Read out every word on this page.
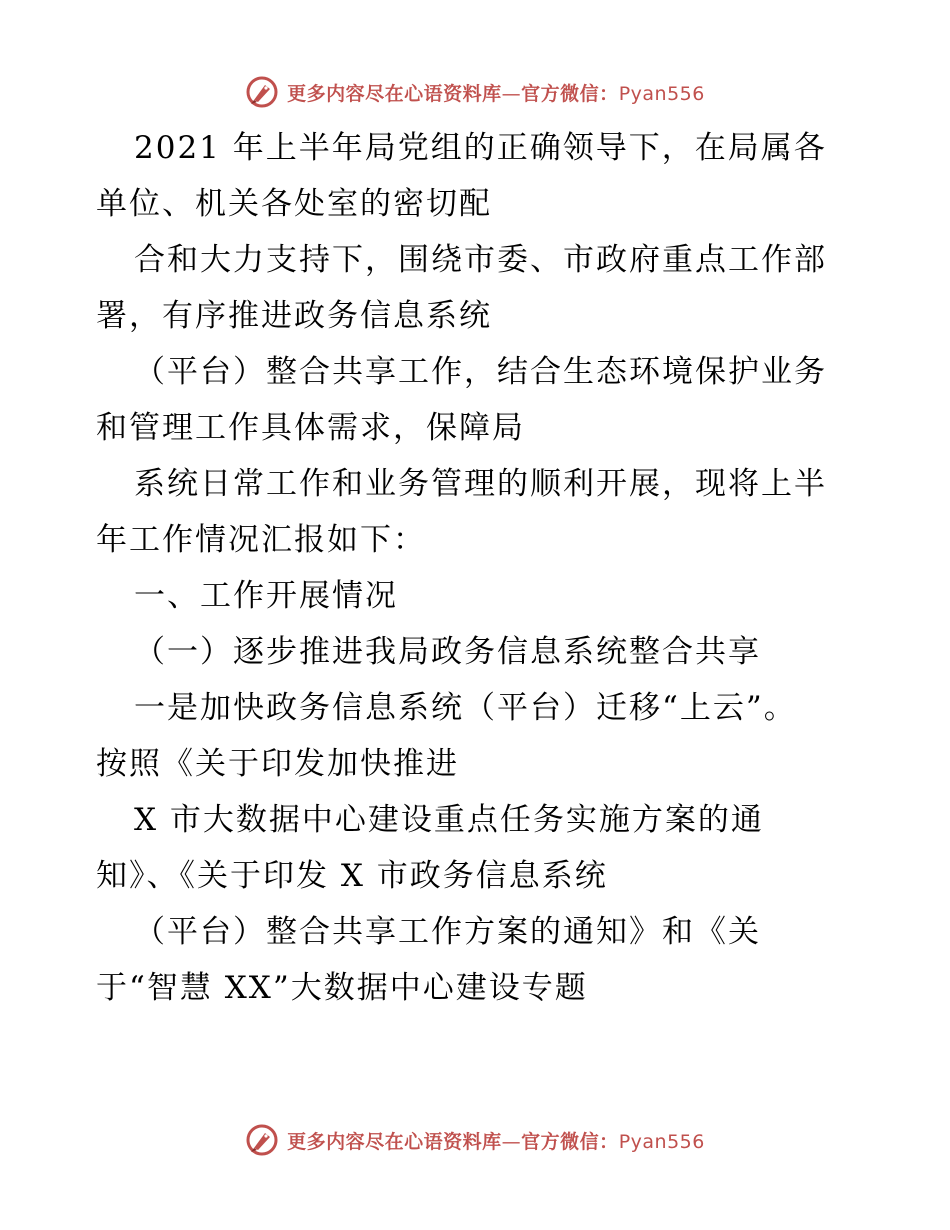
更多内容尽在心语资料库—官方微信：Pyan556

2021 年上半年局党组的正确领导下，在局属各

单位、机关各处室的密切配

合和大力支持下，围绕市委、市政府重点工作部

署，有序推进政务信息系统

（平台）整合共享工作，结合生态环境保护业务

和管理工作具体需求，保障局

系统日常工作和业务管理的顺利开展，现将上半

年工作情况汇报如下：

一、工作开展情况

（一）逐步推进我局政务信息系统整合共享

一是加快政务信息系统（平台）迁移“上云”。

按照《关于印发加快推进

X 市大数据中心建设重点任务实施方案的通

知》、《关于印发 X 市政务信息系统

（平台）整合共享工作方案的通知》和《关

于“智慧 XX”大数据中心建设专题

更多内容尽在心语资料库—官方微信：Pyan556
